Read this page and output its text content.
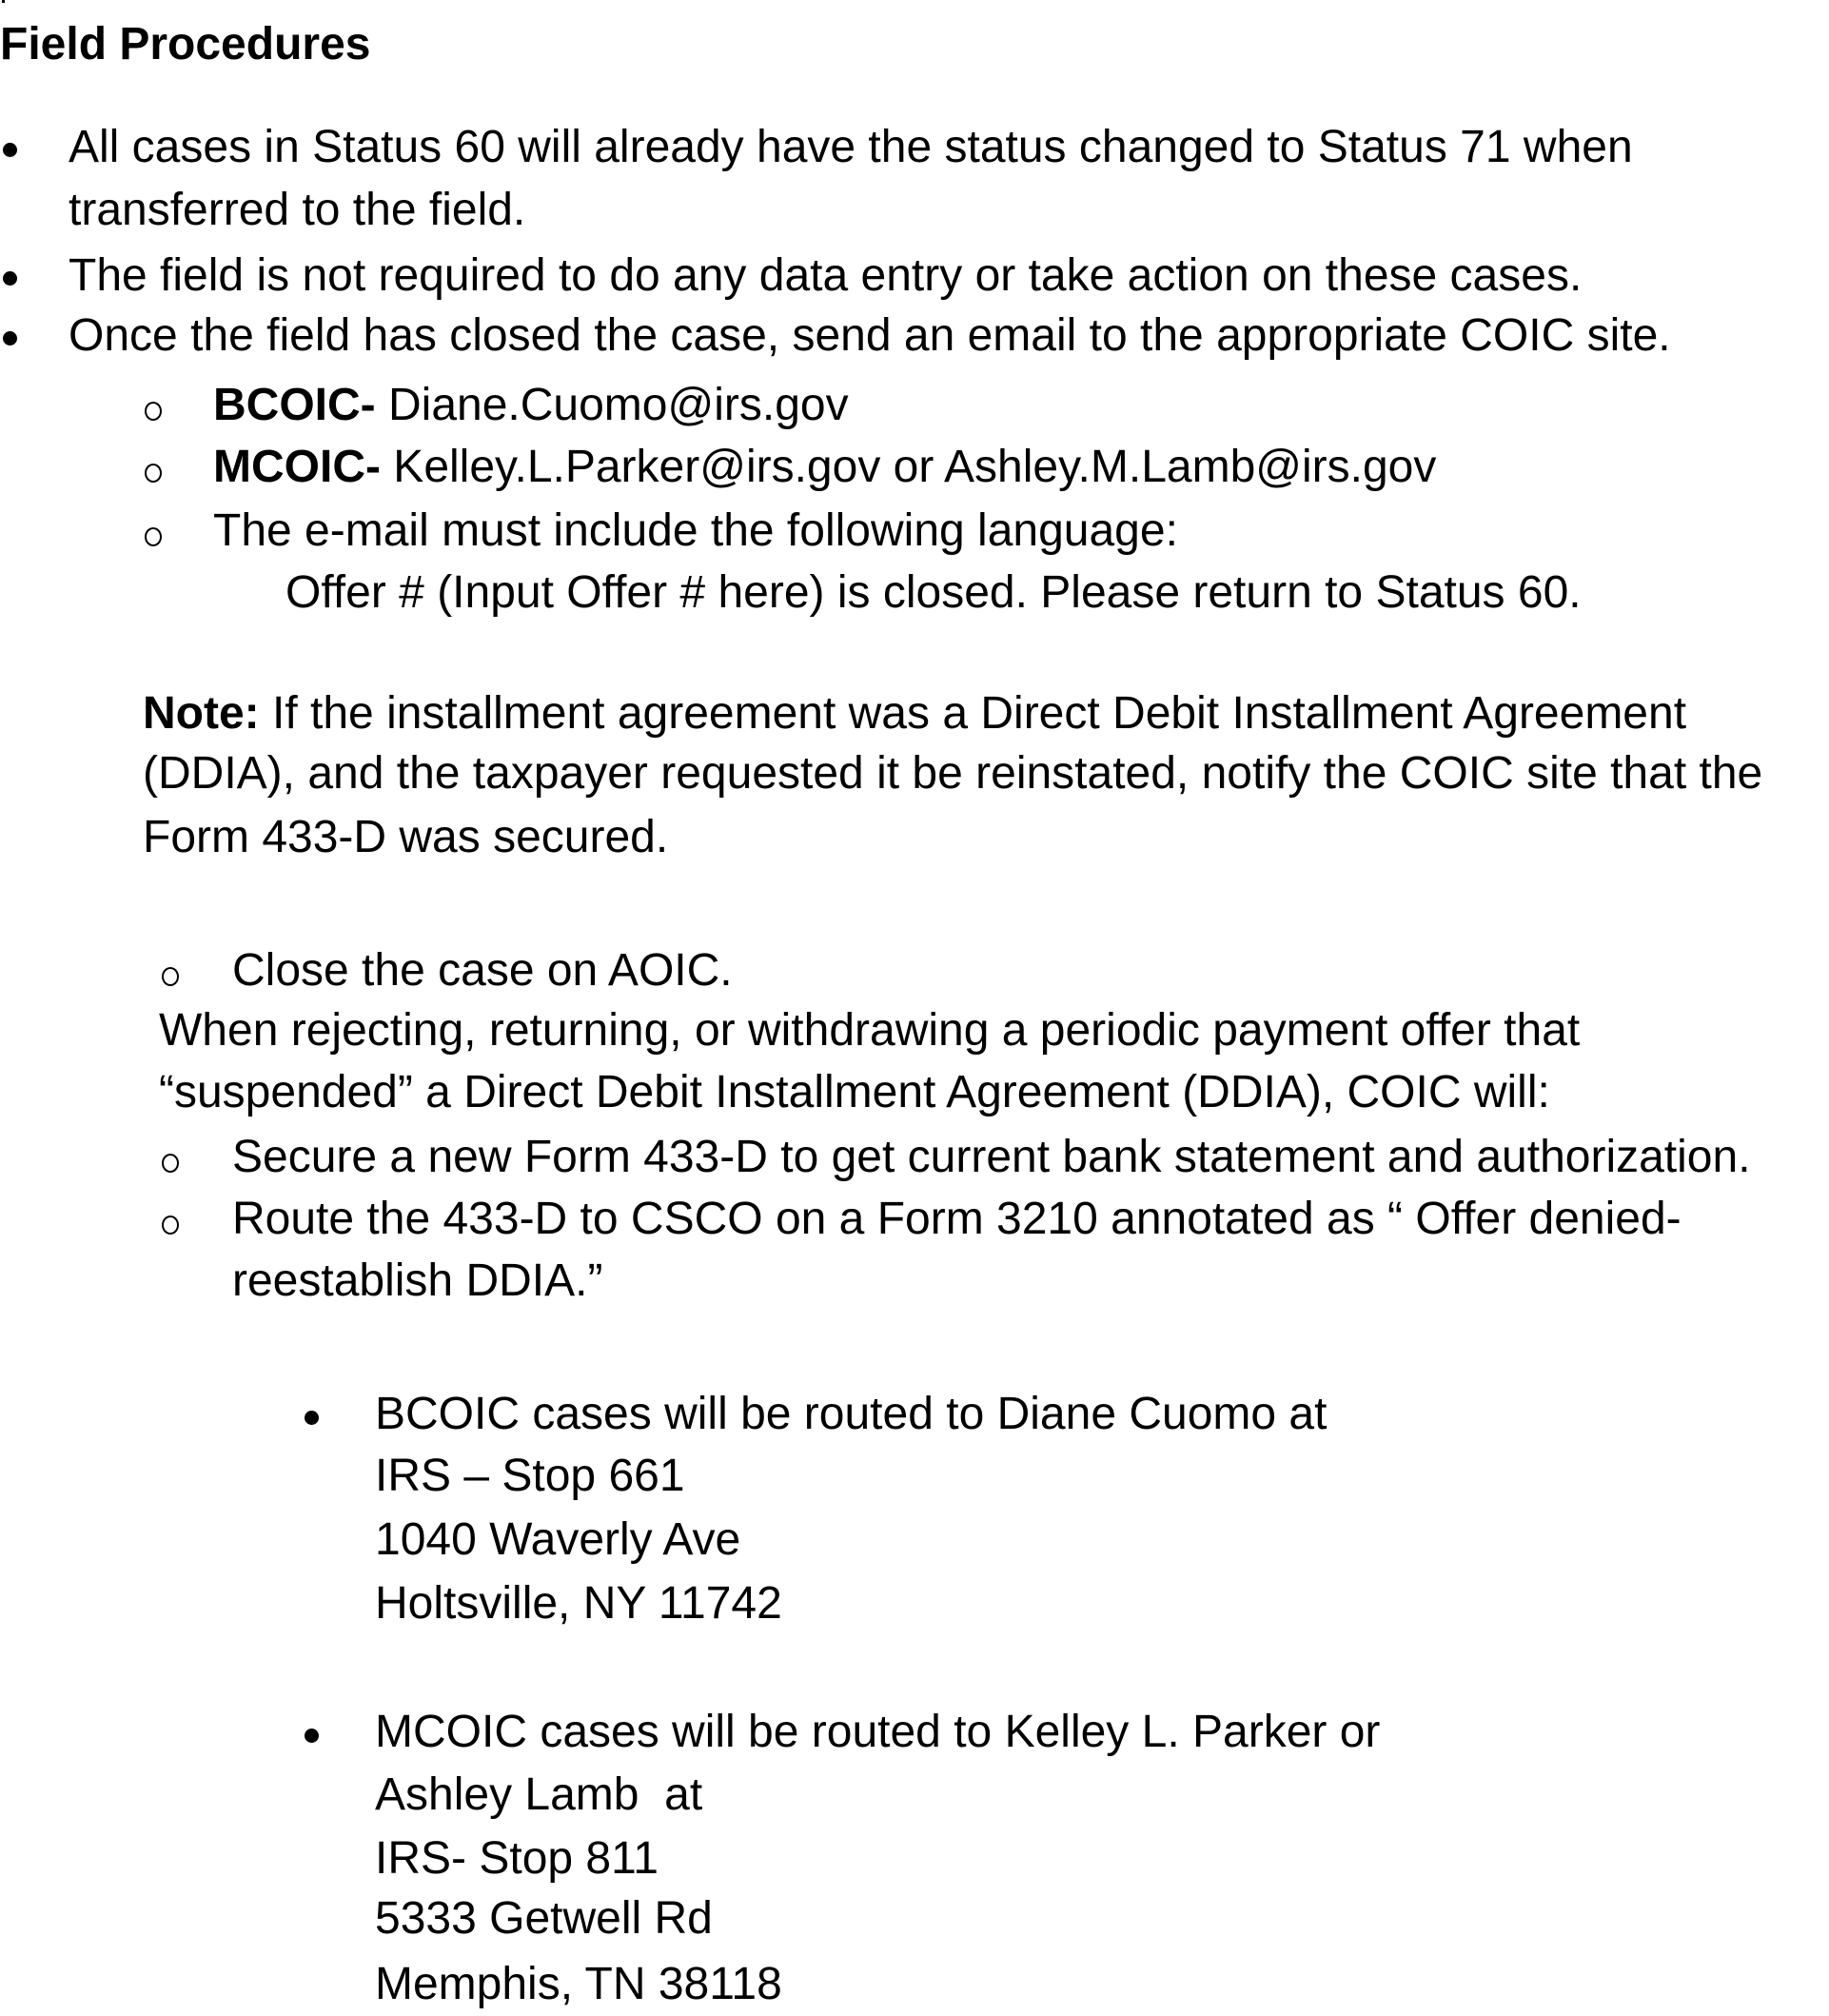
Field Procedures
All cases in Status 60 will already have the status changed to Status 71 when
transferred to the field.
The field is not required to do any data entry or take action on these cases.
Once the field has closed the case, send an email to the appropriate COIC site.
BCOIC- Diane.Cuomo@irs.gov
MCOIC- Kelley.L.Parker@irs.gov or Ashley.M.Lamb@irs.gov
The e-mail must include the following language:
Offer # (Input Offer # here) is closed. Please return to Status 60.
Note: If the installment agreement was a Direct Debit Installment Agreement
(DDIA), and the taxpayer requested it be reinstated, notify the COIC site that the
Form 433-D was secured.
Close the case on AOIC.
When rejecting, returning, or withdrawing a periodic payment offer that
“suspended” a Direct Debit Installment Agreement (DDIA), COIC will:
Secure a new Form 433-D to get current bank statement and authorization.
Route the 433-D to CSCO on a Form 3210 annotated as “ Offer denied-
reestablish DDIA.”
BCOIC cases will be routed to Diane Cuomo at
IRS – Stop 661
1040 Waverly Ave
Holtsville, NY 11742
MCOIC cases will be routed to Kelley L. Parker or
Ashley Lamb  at
IRS- Stop 811
5333 Getwell Rd
Memphis, TN 38118
